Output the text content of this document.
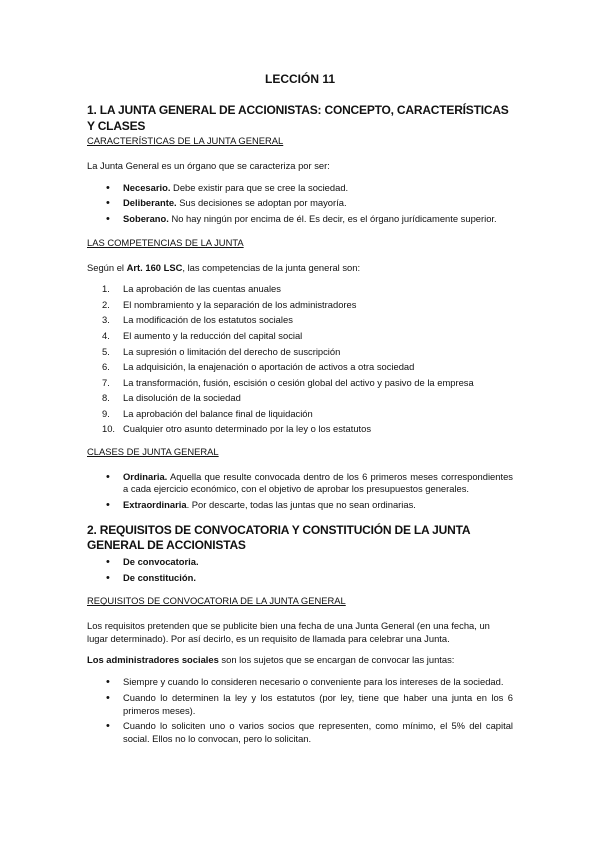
LECCIÓN 11
1. LA JUNTA GENERAL DE ACCIONISTAS: CONCEPTO, CARACTERÍSTICAS Y CLASES
CARACTERÍSTICAS DE LA JUNTA GENERAL

La Junta General es un órgano que se caracteriza por ser:

• Necesario. Debe existir para que se cree la sociedad.
• Deliberante. Sus decisiones se adoptan por mayoría.
• Soberano. No hay ningún por encima de él. Es decir, es el órgano jurídicamente superior.
LAS COMPETENCIAS DE LA JUNTA

Según el Art. 160 LSC, las competencias de la junta general son:

1. La aprobación de las cuentas anuales
2. El nombramiento y la separación de los administradores
3. La modificación de los estatutos sociales
4. El aumento y la reducción del capital social
5. La supresión o limitación del derecho de suscripción
6. La adquisición, la enajenación o aportación de activos a otra sociedad
7. La transformación, fusión, escisión o cesión global del activo y pasivo de la empresa
8. La disolución de la sociedad
9. La aprobación del balance final de liquidación
10. Cualquier otro asunto determinado por la ley o los estatutos
CLASES DE JUNTA GENERAL
• Ordinaria. Aquella que resulte convocada dentro de los 6 primeros meses correspondientes a cada ejercicio económico, con el objetivo de aprobar los presupuestos generales.
• Extraordinaria. Por descarte, todas las juntas que no sean ordinarias.
2. REQUISITOS DE CONVOCATORIA Y CONSTITUCIÓN DE LA JUNTA GENERAL DE ACCIONISTAS
• De convocatoria.
• De constitución.
REQUISITOS DE CONVOCATORIA DE LA JUNTA GENERAL

Los requisitos pretenden que se publicite bien una fecha de una Junta General (en una fecha, un lugar determinado). Por así decirlo, es un requisito de llamada para celebrar una Junta.

Los administradores sociales son los sujetos que se encargan de convocar las juntas:

• Siempre y cuando lo consideren necesario o conveniente para los intereses de la sociedad.
• Cuando lo determinen la ley y los estatutos (por ley, tiene que haber una junta en los 6 primeros meses).
• Cuando lo soliciten uno o varios socios que representen, como mínimo, el 5% del capital social. Ellos no lo convocan, pero lo solicitan.
